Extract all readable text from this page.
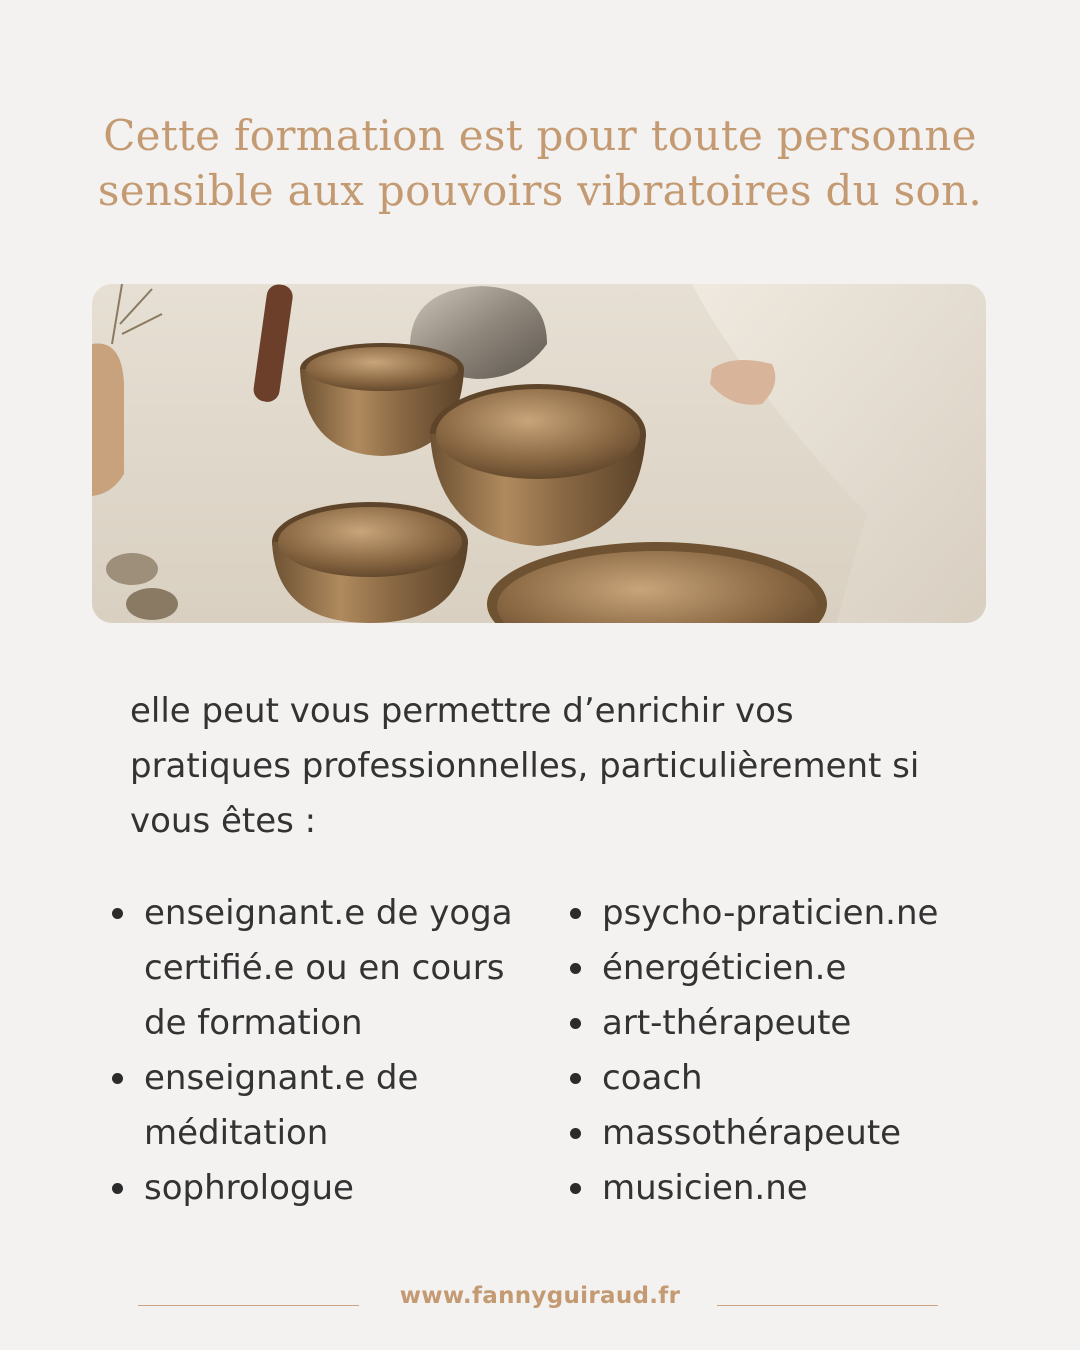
Cette formation est pour toute personne
sensible aux pouvoirs vibratoires du son.
elle peut vous permettre d’enrichir vos
pratiques professionnelles, particulièrement si
vous êtes :
enseignant.e de yoga
certifié.e ou en cours
de formation
enseignant.e de
méditation
sophrologue
psycho-praticien.ne
énergéticien.e
art-thérapeute
coach
massothérapeute
musicien.ne
www.fannyguiraud.fr
